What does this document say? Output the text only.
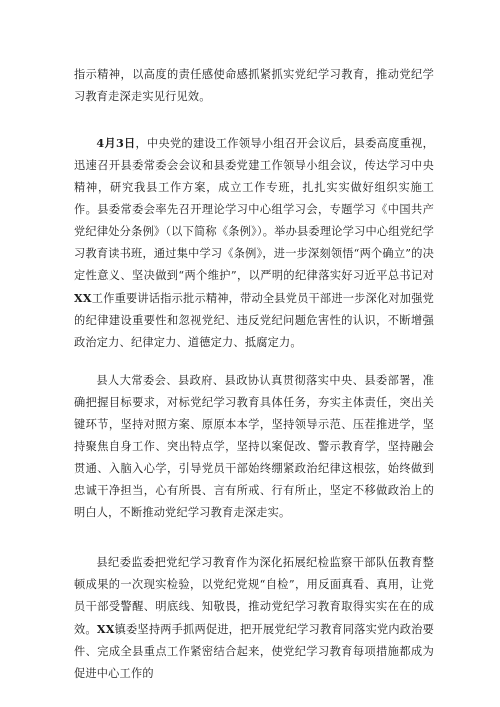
指示精神，以高度的责任感使命感抓紧抓实党纪学习教育，推动党纪学习教育走深走实见行见效。

4月3日，中央党的建设工作领导小组召开会议后，县委高度重视，迅速召开县委常委会会议和县委党建工作领导小组会议，传达学习中央精神，研究我县工作方案，成立工作专班，扎扎实实做好组织实施工作。县委常委会率先召开理论学习中心组学习会，专题学习《中国共产党纪律处分条例》（以下简称《条例》）。举办县委理论学习中心组党纪学习教育读书班，通过集中学习《条例》，进一步深刻领悟“两个确立”的决定性意义、坚决做到“两个维护”，以严明的纪律落实好习近平总书记对XX工作重要讲话指示批示精神，带动全县党员干部进一步深化对加强党的纪律建设重要性和忽视党纪、违反党纪问题危害性的认识，不断增强政治定力、纪律定力、道德定力、抵腐定力。

县人大常委会、县政府、县政协认真贯彻落实中央、县委部署，准确把握目标要求，对标党纪学习教育具体任务，夯实主体责任，突出关键环节，坚持对照方案、原原本本学，坚持领导示范、压茬推进学，坚持聚焦自身工作、突出特点学，坚持以案促改、警示教育学，坚持融会贯通、入脑入心学，引导党员干部始终绷紧政治纪律这根弦，始终做到忠诚干净担当，心有所畏、言有所戒、行有所止，坚定不移做政治上的明白人，不断推动党纪学习教育走深走实。

县纪委监委把党纪学习教育作为深化拓展纪检监察干部队伍教育整顿成果的一次现实检验，以党纪党规“自检”，用反面真看、真用，让党员干部受警醒、明底线、知敬畏，推动党纪学习教育取得实实在在的成效。XX镇委坚持两手抓两促进，把开展党纪学习教育同落实党内政治要件、完成全县重点工作紧密结合起来，使党纪学习教育每项措施都成为促进中心工作的
